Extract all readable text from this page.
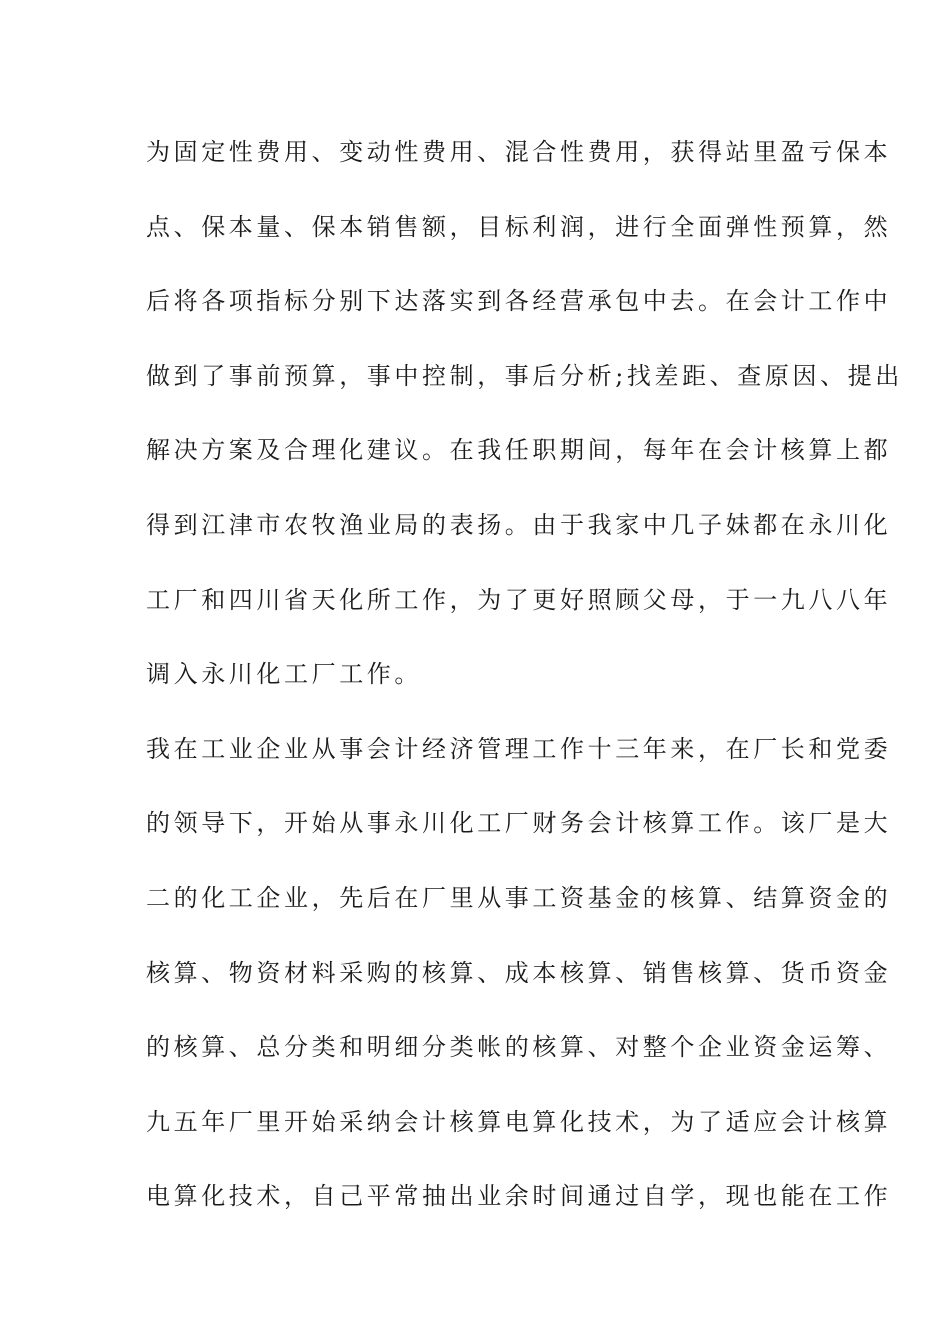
为固定性费用、变动性费用、混合性费用，获得站里盈亏保本
点、保本量、保本销售额，目标利润，进行全面弹性预算，然
后将各项指标分别下达落实到各经营承包中去。在会计工作中
做到了事前预算，事中控制，事后分析;找差距、查原因、提出
解决方案及合理化建议。在我任职期间，每年在会计核算上都
得到江津市农牧渔业局的表扬。由于我家中几子妹都在永川化
工厂和四川省天化所工作，为了更好照顾父母，于一九八八年
调入永川化工厂工作。
我在工业企业从事会计经济管理工作十三年来，在厂长和党委
的领导下，开始从事永川化工厂财务会计核算工作。该厂是大
二的化工企业，先后在厂里从事工资基金的核算、结算资金的
核算、物资材料采购的核算、成本核算、销售核算、货币资金
的核算、总分类和明细分类帐的核算、对整个企业资金运筹、
九五年厂里开始采纳会计核算电算化技术，为了适应会计核算
电算化技术，自己平常抽出业余时间通过自学，现也能在工作
